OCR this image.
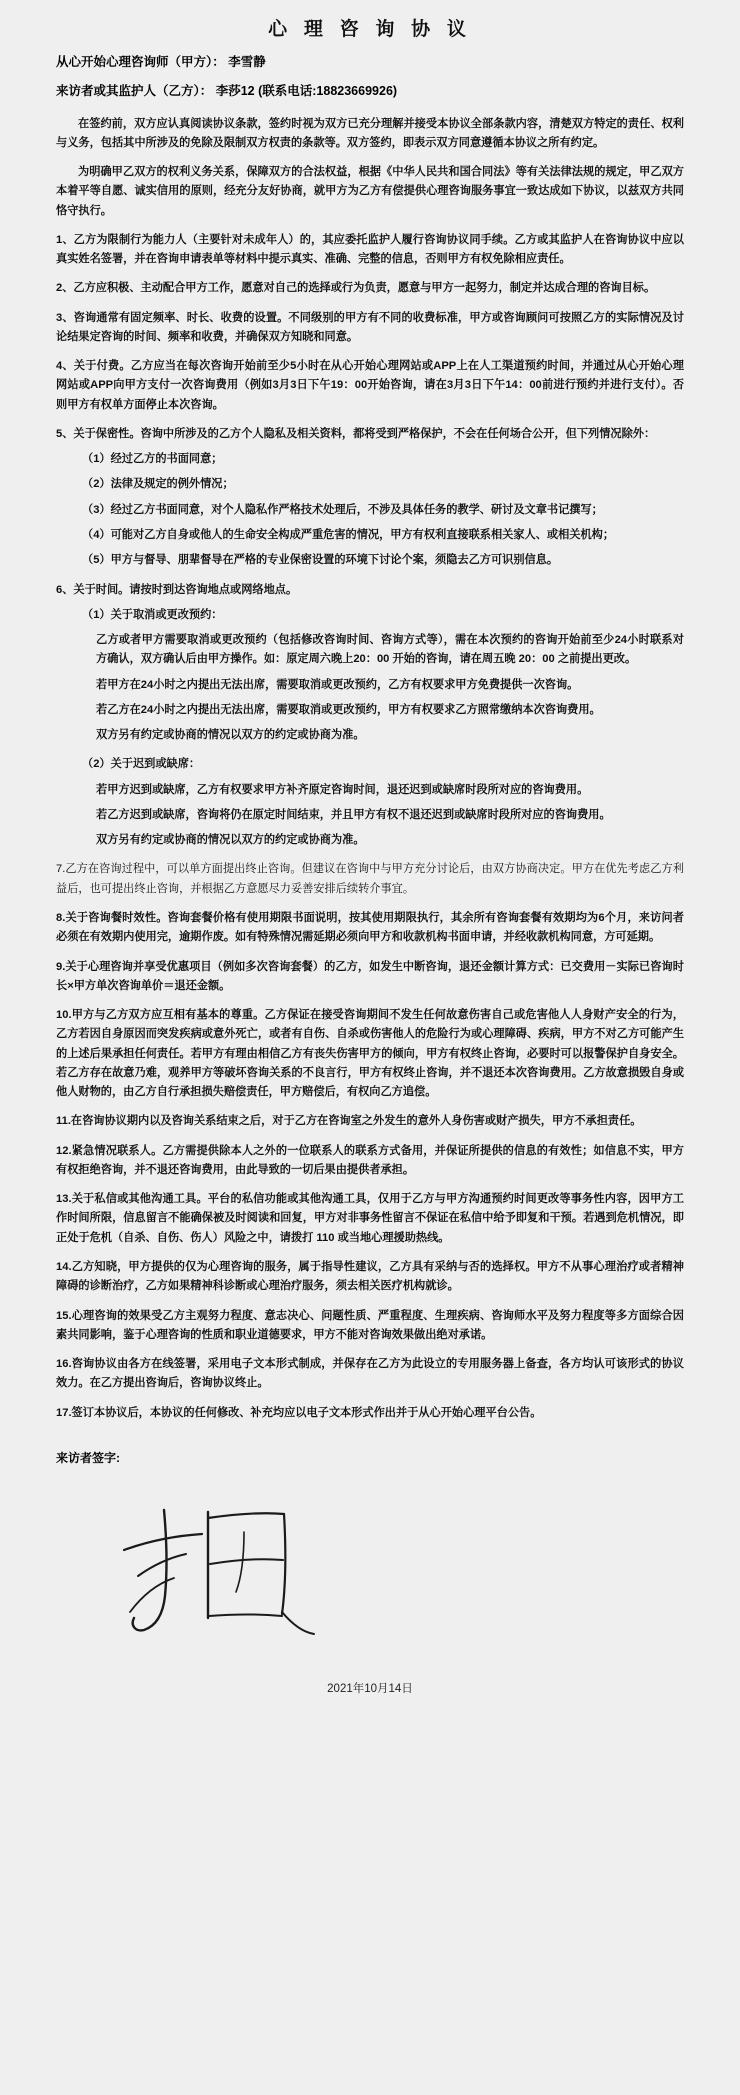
心 理 咨 询 协 议
从心开始心理咨询师（甲方）： 李雪静
来访者或其监护人（乙方）： 李莎12 (联系电话:18823669926)

在签约前，双方应认真阅读协议条款，签约时视为双方已充分理解并接受本协议全部条款内容，清楚双方特定的责任、权利与义务，包括其中所涉及的免除及限制双方权责的条款等。双方签约，即表示双方同意遵循本协议之所有约定。

为明确甲乙双方的权利义务关系，保障双方的合法权益，根据《中华人民共和国合同法》等有关法律法规的规定，甲乙双方本着平等自愿、诚实信用的原则，经充分友好协商，就甲方为乙方有偿提供心理咨询服务事宜一致达成如下协议，以兹双方共同恪守执行。

1、乙方为限制行为能力人（主要针对未成年人）的，其应委托监护人履行咨询协议同手续。乙方或其监护人在咨询协议中应以真实姓名签署，并在咨询申请表单等材料中提示真实、准确、完整的信息，否则甲方有权免除相应责任。

2、乙方应积极、主动配合甲方工作，愿意对自己的选择或行为负责，愿意与甲方一起努力，制定并达成合理的咨询目标。

3、咨询通常有固定频率、时长、收费的设置。不同级别的甲方有不同的收费标准，甲方或咨询顾问可按照乙方的实际情况及讨论结果定咨询的时间、频率和收费，并确保双方知晓和同意。

4、关于付费。乙方应当在每次咨询开始前至少5小时在从心开始心理网站或APP上在人工渠道预约时间，并通过从心开始心理网站或APP向甲方支付一次咨询费用（例如3月3日下午19：00开始咨询，请在3月3日下午14：00前进行预约并进行支付）。否则甲方有权单方面停止本次咨询。

5、关于保密性。咨询中所涉及的乙方个人隐私及相关资料，都将受到严格保护，不会在任何场合公开，但下列情况除外：

（1）经过乙方的书面同意；

（2）法律及规定的例外情况；

（3）经过乙方书面同意，对个人隐私作严格技术处理后，不涉及具体任务的教学、研讨及文章书记撰写；

（4）可能对乙方自身或他人的生命安全构成严重危害的情况，甲方有权利直接联系相关家人、或相关机构；

（5）甲方与督导、朋辈督导在严格的专业保密设置的环境下讨论个案，须隐去乙方可识别信息。

6、关于时间。请按时到达咨询地点或网络地点。

（1）关于取消或更改预约：

乙方或者甲方需要取消或更改预约（包括修改咨询时间、咨询方式等），需在本次预约的咨询开始前至少24小时联系对方确认，双方确认后由甲方操作。如：原定周六晚上20：00 开始的咨询，请在周五晚 20：00 之前提出更改。

若甲方在24小时之内提出无法出席，需要取消或更改预约，乙方有权要求甲方免费提供一次咨询。

若乙方在24小时之内提出无法出席，需要取消或更改预约，甲方有权要求乙方照常缴纳本次咨询费用。

双方另有约定或协商的情况以双方的约定或协商为准。

（2）关于迟到或缺席：

若甲方迟到或缺席，乙方有权要求甲方补齐原定咨询时间，退还迟到或缺席时段所对应的咨询费用。

若乙方迟到或缺席，咨询将仍在原定时间结束，并且甲方有权不退还迟到或缺席时段所对应的咨询费用。

双方另有约定或协商的情况以双方的约定或协商为准。

7.乙方在咨询过程中，可以单方面提出终止咨询。但建议在咨询中与甲方充分讨论后，由双方协商决定。甲方在优先考虑乙方利益后，也可提出终止咨询，并根据乙方意愿尽力妥善安排后续转介事宜。

8.关于咨询餐时效性。咨询套餐价格有使用期限书面说明，按其使用期限执行，其余所有咨询套餐有效期均为6个月，来访问者必须在有效期内使用完，逾期作废。如有特殊情况需延期必须向甲方和收款机构书面申请，并经收款机构同意，方可延期。

9.关于心理咨询并享受优惠项目（例如多次咨询套餐）的乙方，如发生中断咨询，退还金额计算方式：已交费用－实际已咨询时长×甲方单次咨询单价＝退还金额。

10.甲方与乙方双方应互相有基本的尊重。乙方保证在接受咨询期间不发生任何故意伤害自己或危害他人人身财产安全的行为，乙方若因自身原因而突发疾病或意外死亡，或者有自伤、自杀或伤害他人的危险行为或心理障碍、疾病，甲方不对乙方可能产生的上述后果承担任何责任。若甲方有理由相信乙方有丧失伤害甲方的倾向，甲方有权终止咨询，必要时可以报警保护自身安全。若乙方存在故意乃难，观养甲方等破坏咨询关系的不良言行，甲方有权终止咨询，并不退还本次咨询费用。乙方故意损毁自身或他人财物的，由乙方自行承担损失赔偿责任，甲方赔偿后，有权向乙方追偿。

11.在咨询协议期内以及咨询关系结束之后，对于乙方在咨询室之外发生的意外人身伤害或财产损失，甲方不承担责任。

12.紧急情况联系人。乙方需提供除本人之外的一位联系人的联系方式备用，并保证所提供的信息的有效性；如信息不实，甲方有权拒绝咨询，并不退还咨询费用，由此导致的一切后果由提供者承担。

13.关于私信或其他沟通工具。平台的私信功能或其他沟通工具，仅用于乙方与甲方沟通预约时间更改等事务性内容，因甲方工作时间所限，信息留言不能确保被及时阅读和回复，甲方对非事务性留言不保证在私信中给予即复和干预。若遇到危机情况，即正处于危机（自杀、自伤、伤人）风险之中，请拨打 110 或当地心理援助热线。

14.乙方知晓，甲方提供的仅为心理咨询的服务，属于指导性建议，乙方具有采纳与否的选择权。甲方不从事心理治疗或者精神障碍的诊断治疗，乙方如果精神科诊断或心理治疗服务，须去相关医疗机构就诊。

15.心理咨询的效果受乙方主观努力程度、意志决心、问题性质、严重程度、生理疾病、咨询师水平及努力程度等多方面综合因素共同影响，鉴于心理咨询的性质和职业道德要求，甲方不能对咨询效果做出绝对承诺。

16.咨询协议由各方在线签署，采用电子文本形式制成，并保存在乙方为此设立的专用服务器上备查，各方均认可该形式的协议效力。在乙方提出咨询后，咨询协议终止。

17.签订本协议后，本协议的任何修改、补充均应以电子文本形式作出并于从心开始心理平台公告。

来访者签字:
2021年10月14日
